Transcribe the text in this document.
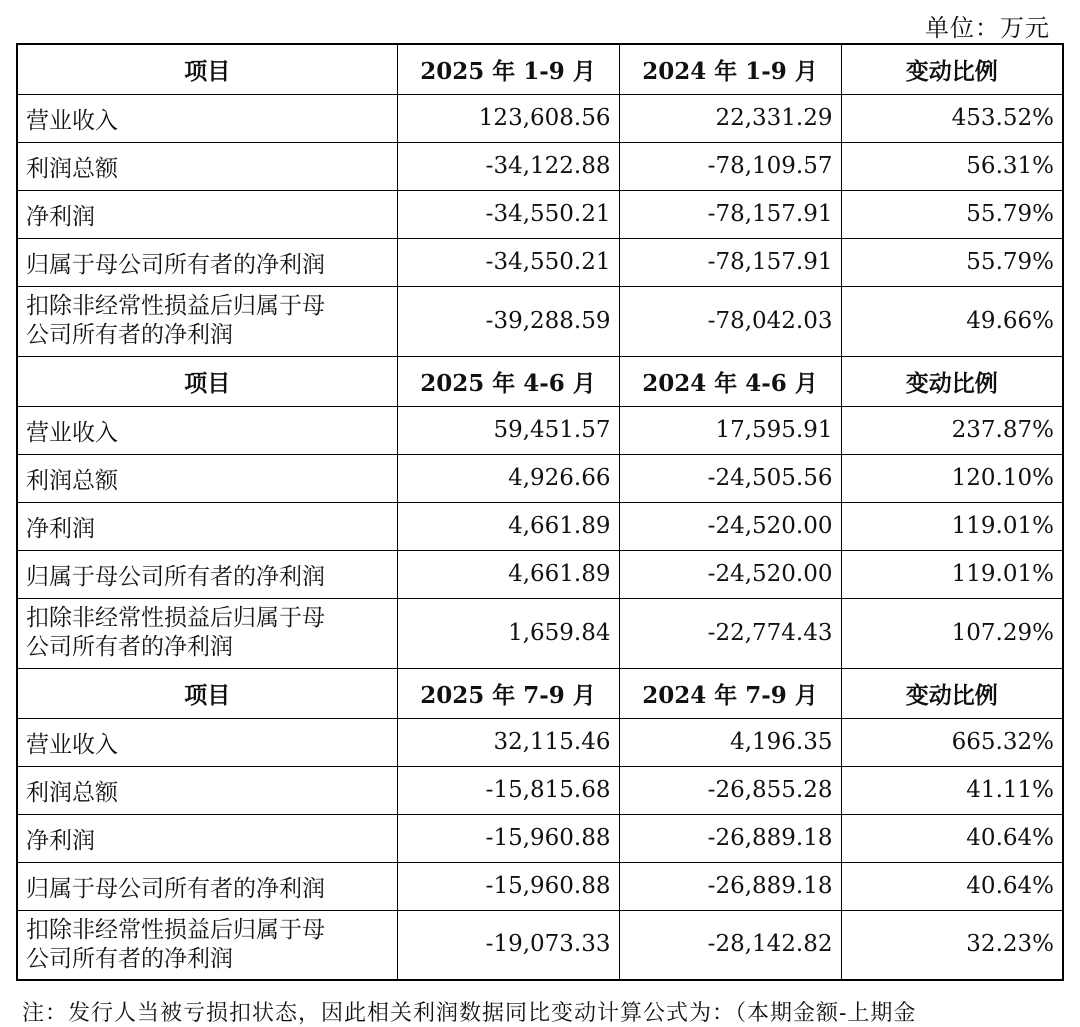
单位：万元
项目	2025 年 1-9 月	2024 年 1-9 月	变动比例
营业收入	123,608.56	22,331.29	453.52%
利润总额	-34,122.88	-78,109.57	56.31%
净利润	-34,550.21	-78,157.91	55.79%
归属于母公司所有者的净利润	-34,550.21	-78,157.91	55.79%
扣除非经常性损益后归属于母
公司所有者的净利润	-39,288.59	-78,042.03	49.66%
项目	2025 年 4-6 月	2024 年 4-6 月	变动比例
营业收入	59,451.57	17,595.91	237.87%
利润总额	4,926.66	-24,505.56	120.10%
净利润	4,661.89	-24,520.00	119.01%
归属于母公司所有者的净利润	4,661.89	-24,520.00	119.01%
扣除非经常性损益后归属于母
公司所有者的净利润	1,659.84	-22,774.43	107.29%
项目	2025 年 7-9 月	2024 年 7-9 月	变动比例
营业收入	32,115.46	4,196.35	665.32%
利润总额	-15,815.68	-26,855.28	41.11%
净利润	-15,960.88	-26,889.18	40.64%
归属于母公司所有者的净利润	-15,960.88	-26,889.18	40.64%
扣除非经常性损益后归属于母
公司所有者的净利润	-19,073.33	-28,142.82	32.23%
注：发行人当被亏损扣状态，因此相关利润数据同比变动计算公式为：（本期金额-上期金
